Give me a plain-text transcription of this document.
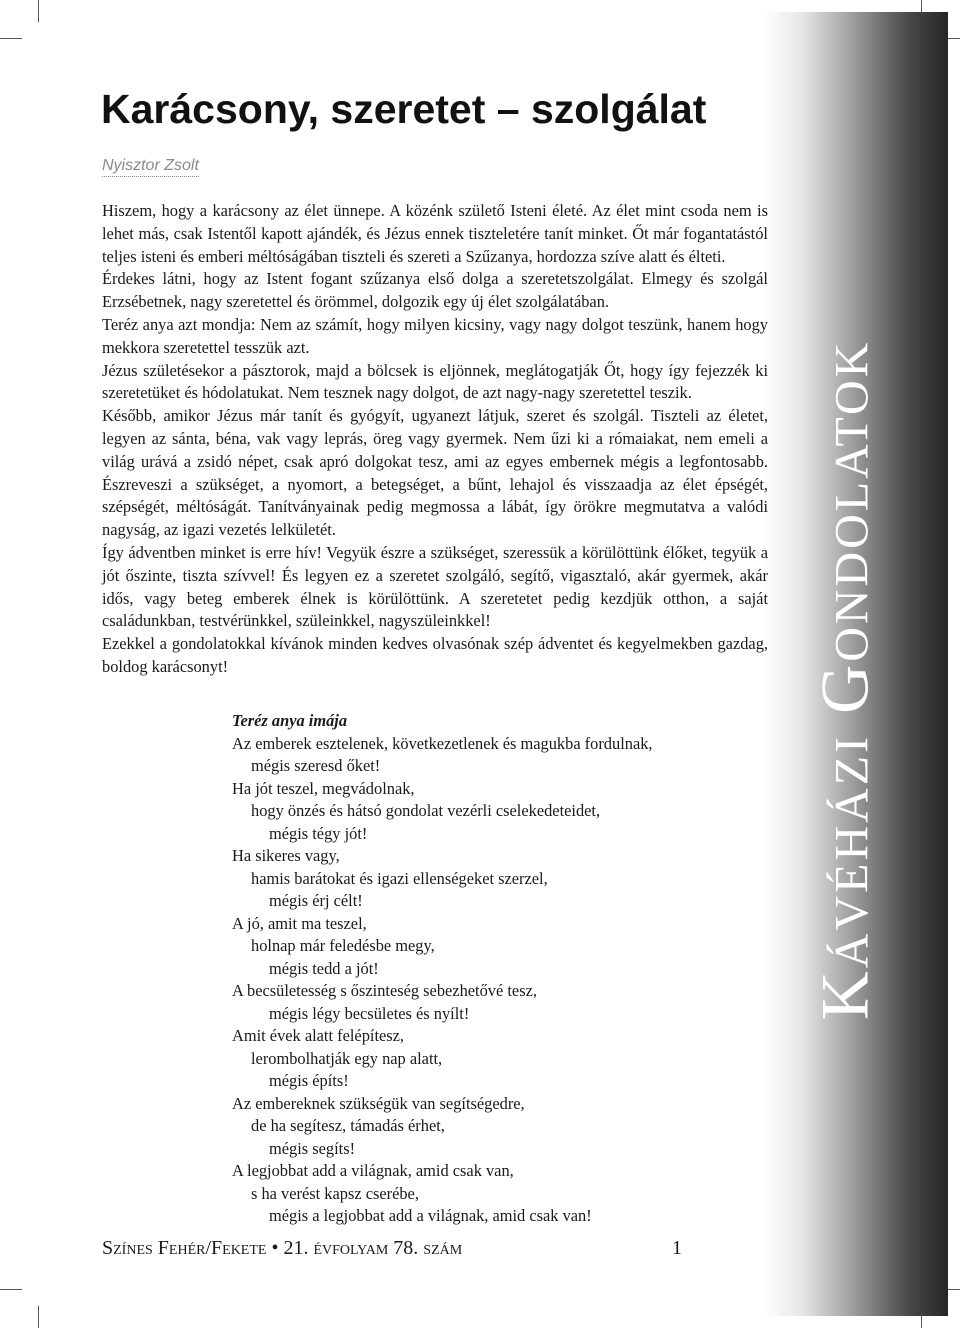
Kávéházi Gondolatok
Karácsony, szeretet – szolgálat
Nyisztor Zsolt

Hiszem, hogy a karácsony az élet ünnepe. A közénk születő Isteni életé. Az élet mint csoda nem is lehet más, csak Istentől kapott ajándék, és Jézus ennek tiszteletére tanít minket. Őt már fogantatástól teljes isteni és emberi méltóságában tiszteli és szereti a Szűzanya, hordozza szíve alatt és élteti.

Érdekes látni, hogy az Istent fogant szűzanya első dolga a szeretetszolgálat. Elmegy és szolgál Erzsébetnek, nagy szeretettel és örömmel, dolgozik egy új élet szolgálatában.

Teréz anya azt mondja: Nem az számít, hogy milyen kicsiny, vagy nagy dolgot teszünk, hanem hogy mekkora szeretettel tesszük azt.

Jézus születésekor a pásztorok, majd a bölcsek is eljönnek, meglátogatják Őt, hogy így fejezzék ki szeretetüket és hódolatukat. Nem tesznek nagy dolgot, de azt nagy-nagy szeretettel teszik.

Később, amikor Jézus már tanít és gyógyít, ugyanezt látjuk, szeret és szolgál. Tiszteli az életet, legyen az sánta, béna, vak vagy leprás, öreg vagy gyermek. Nem űzi ki a rómaiakat, nem emeli a világ urává a zsidó népet, csak apró dolgokat tesz, ami az egyes embernek mégis a legfontosabb. Észreveszi a szükséget, a nyomort, a betegséget, a bűnt, lehajol és visszaadja az élet épségét, szépségét, méltóságát. Tanítványainak pedig megmossa a lábát, így örökre megmutatva a valódi nagyság, az igazi vezetés lelkületét.

Így ádventben minket is erre hív! Vegyük észre a szükséget, szeressük a körülöttünk élőket, tegyük a jót őszinte, tiszta szívvel! És legyen ez a szeretet szolgáló, segítő, vigasztaló, akár gyermek, akár idős, vagy beteg emberek élnek is körülöttünk. A szeretetet pedig kezdjük otthon, a saját családunkban, testvérünkkel, szüleinkkel, nagyszüleinkkel!

Ezekkel a gondolatokkal kívánok minden kedves olvasónak szép ádventet és kegyelmekben gazdag, boldog karácsonyt!

Teréz anya imája
Az emberek esztelenek, következetlenek és magukba fordulnak,
mégis szeresd őket!
Ha jót teszel, megvádolnak,
hogy önzés és hátsó gondolat vezérli cselekedeteidet,
mégis tégy jót!
Ha sikeres vagy,
hamis barátokat és igazi ellenségeket szerzel,
mégis érj célt!
A jó, amit ma teszel,
holnap már feledésbe megy,
mégis tedd a jót!
A becsületesség s őszinteség sebezhetővé tesz,
mégis légy becsületes és nyílt!
Amit évek alatt felépítesz,
lerombolhatják egy nap alatt,
mégis építs!
Az embereknek szükségük van segítségedre,
de ha segítesz, támadás érhet,
mégis segíts!
A legjobbat add a világnak, amid csak van,
s ha verést kapsz cserébe,
mégis a legjobbat add a világnak, amid csak van!
Színes Fehér/Fekete • 21. évfolyam 78. szám	1
